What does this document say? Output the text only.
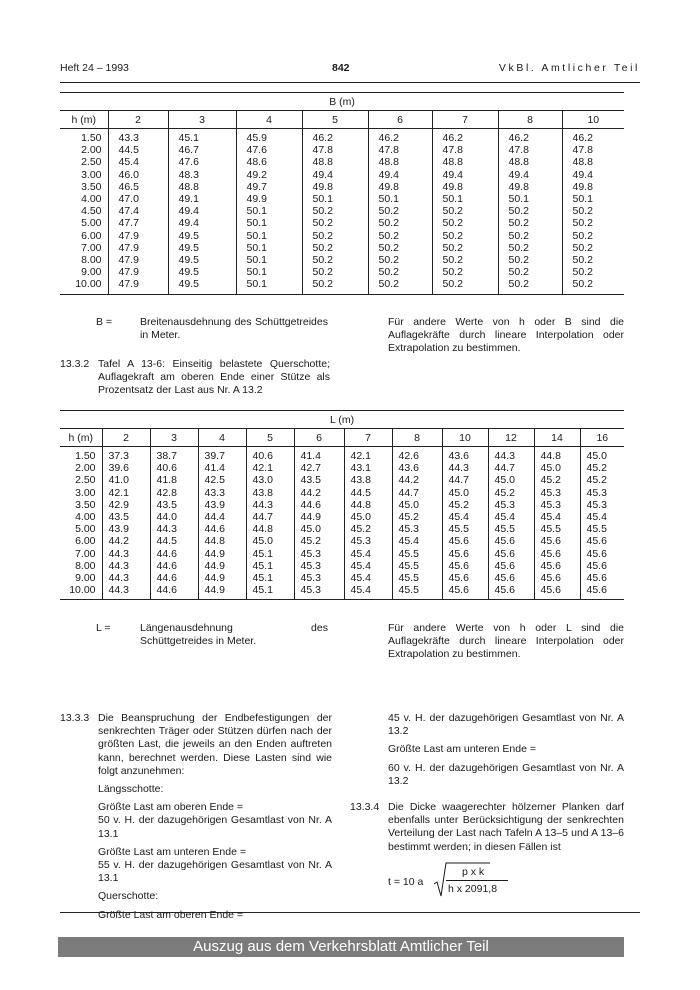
Heft 24 – 1993	842	VkBl. Amtlicher Teil
B (m)								
h (m)	2	3	4	5	6	7	8	10
1.50	43.3	45.1	45.9	46.2	46.2	46.2	46.2	46.2
2.00	44.5	46.7	47.6	47.8	47.8	47.8	47.8	47.8
2.50	45.4	47.6	48.6	48.8	48.8	48.8	48.8	48.8
3.00	46.0	48.3	49.2	49.4	49.4	49.4	49.4	49.4
3.50	46.5	48.8	49.7	49.8	49.8	49.8	49.8	49.8
4.00	47.0	49.1	49.9	50.1	50.1	50.1	50.1	50.1
4.50	47.4	49.4	50.1	50.2	50.2	50.2	50.2	50.2
5.00	47.7	49.4	50.1	50.2	50.2	50.2	50.2	50.2
6.00	47.9	49.5	50.1	50.2	50.2	50.2	50.2	50.2
7.00	47.9	49.5	50.1	50.2	50.2	50.2	50.2	50.2
8.00	47.9	49.5	50.1	50.2	50.2	50.2	50.2	50.2
9.00	47.9	49.5	50.1	50.2	50.2	50.2	50.2	50.2
10.00	47.9	49.5	50.1	50.2	50.2	50.2	50.2	50.2
B =	Breitenausdehnung des Schüttgetreides in Meter.

Für andere Werte von h oder B sind die Auflagekräfte durch lineare Interpolation oder Extrapolation zu bestimmen.

13.3.2 Tafel A 13-6: Einseitig belastete Querschotte; Auflagekraft am oberen Ende einer Stütze als Prozentsatz der Last aus Nr. A 13.2

L (m)											
h (m)	2	3	4	5	6	7	8	10	12	14	16
1.50	37.3	38.7	39.7	40.6	41.4	42.1	42.6	43.6	44.3	44.8	45.0
2.00	39.6	40.6	41.4	42.1	42.7	43.1	43.6	44.3	44.7	45.0	45.2
2.50	41.0	41.8	42.5	43.0	43.5	43.8	44.2	44.7	45.0	45.2	45.2
3.00	42.1	42.8	43.3	43.8	44.2	44.5	44.7	45.0	45.2	45.3	45.3
3.50	42.9	43.5	43.9	44.3	44.6	44.8	45.0	45.2	45.3	45.3	45.3
4.00	43.5	44.0	44.4	44.7	44.9	45.0	45.2	45.4	45.4	45.4	45.4
5.00	43.9	44.3	44.6	44.8	45.0	45.2	45.3	45.5	45.5	45.5	45.5
6.00	44.2	44.5	44.8	45.0	45.2	45.3	45.4	45.6	45.6	45.6	45.6
7.00	44.3	44.6	44.9	45.1	45.3	45.4	45.5	45.6	45.6	45.6	45.6
8.00	44.3	44.6	44.9	45.1	45.3	45.4	45.5	45.6	45.6	45.6	45.6
9.00	44.3	44.6	44.9	45.1	45.3	45.4	45.5	45.6	45.6	45.6	45.6
10.00	44.3	44.6	44.9	45.1	45.3	45.4	45.5	45.6	45.6	45.6	45.6
L =	Längenausdehnung des Schüttgetreides in Meter.

Für andere Werte von h oder L sind die Auflagekräfte durch lineare Interpolation oder Extrapolation zu bestimmen.

13.3.3 Die Beanspruchung der Endbefestigungen der senkrechten Träger oder Stützen dürfen nach der größten Last, die jeweils an den Enden auftreten kann, berechnet werden. Diese Lasten sind wie folgt anzunehmen:

Längsschotte:

Größte Last am oberen Ende =

50 v. H. der dazugehörigen Gesamtlast von Nr. A 13.1

Größte Last am unteren Ende =

55 v. H. der dazugehörigen Gesamtlast von Nr. A 13.1

Querschotte:

Größte Last am oberen Ende =

45 v. H. der dazugehörigen Gesamtlast von Nr. A 13.2

Größte Last am unteren Ende =

60 v. H. der dazugehörigen Gesamtlast von Nr. A 13.2

13.3.4 Die Dicke waagerechter hölzerner Planken darf ebenfalls unter Berücksichtigung der senkrechten Verteilung der Last nach Tafeln A 13–5 und A 13–6 bestimmt werden; in diesen Fällen ist

t = 10 a
p x k
h x 2091,8
Auszug aus dem Verkehrsblatt Amtlicher Teil
